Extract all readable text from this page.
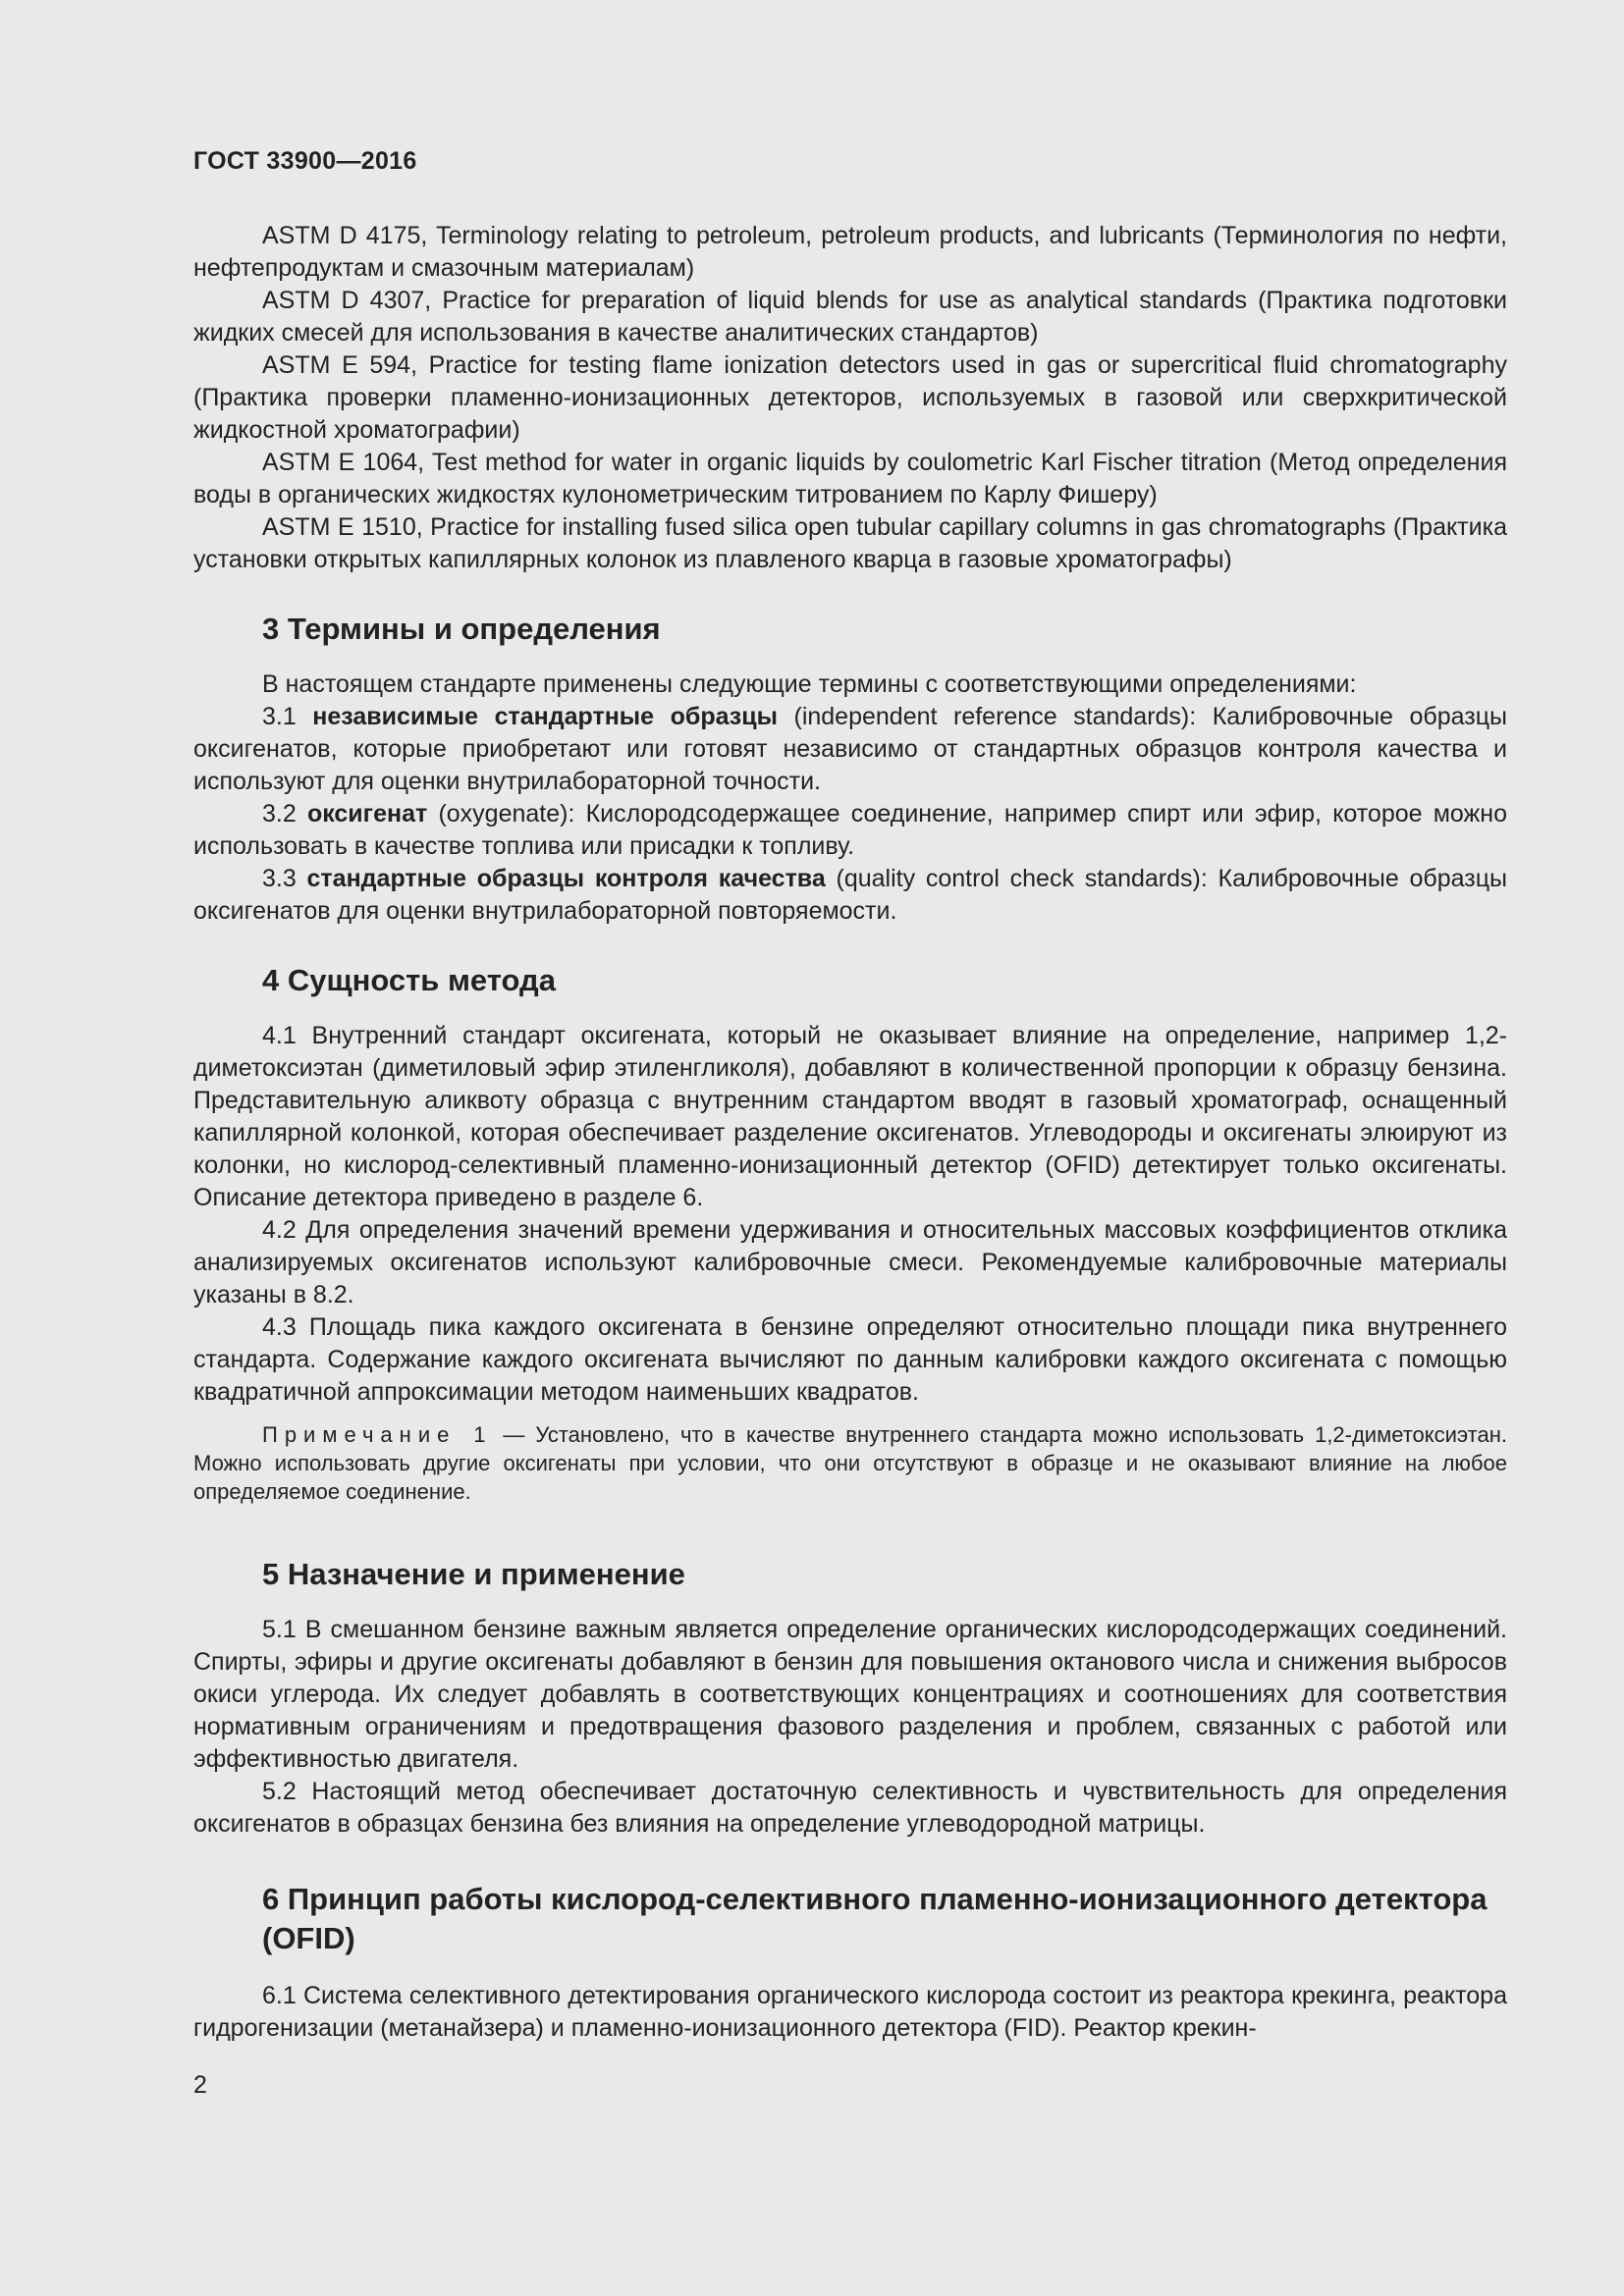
ГОСТ 33900—2016

ASTM D 4175, Terminology relating to petroleum, petroleum products, and lubricants (Терминология по нефти, нефтепродуктам и смазочным материалам)

ASTM D 4307, Practice for preparation of liquid blends for use as analytical standards (Практика подготовки жидких смесей для использования в качестве аналитических стандартов)

ASTM E 594, Practice for testing flame ionization detectors used in gas or supercritical fluid chromatography (Практика проверки пламенно-ионизационных детекторов, используемых в газовой или сверхкритической жидкостной хроматографии)

ASTM E 1064, Test method for water in organic liquids by coulometric Karl Fischer titration (Метод определения воды в органических жидкостях кулонометрическим титрованием по Карлу Фишеру)

ASTM E 1510, Practice for installing fused silica open tubular capillary columns in gas chromatographs (Практика установки открытых капиллярных колонок из плавленого кварца в газовые хроматографы)

3 Термины и определения

В настоящем стандарте применены следующие термины с соответствующими определениями:

3.1 независимые стандартные образцы (independent reference standards): Калибровочные образцы оксигенатов, которые приобретают или готовят независимо от стандартных образцов контроля качества и используют для оценки внутрилабораторной точности.

3.2 оксигенат (oxygenate): Кислородсодержащее соединение, например спирт или эфир, которое можно использовать в качестве топлива или присадки к топливу.

3.3 стандартные образцы контроля качества (quality control check standards): Калибровочные образцы оксигенатов для оценки внутрилабораторной повторяемости.

4 Сущность метода

4.1 Внутренний стандарт оксигената, который не оказывает влияние на определение, например 1,2-диметоксиэтан (диметиловый эфир этиленгликоля), добавляют в количественной пропорции к образцу бензина. Представительную аликвоту образца с внутренним стандартом вводят в газовый хроматограф, оснащенный капиллярной колонкой, которая обеспечивает разделение оксигенатов. Углеводороды и оксигенаты элюируют из колонки, но кислород-селективный пламенно-ионизационный детектор (OFID) детектирует только оксигенаты. Описание детектора приведено в разделе 6.

4.2 Для определения значений времени удерживания и относительных массовых коэффициентов отклика анализируемых оксигенатов используют калибровочные смеси. Рекомендуемые калибровочные материалы указаны в 8.2.

4.3 Площадь пика каждого оксигената в бензине определяют относительно площади пика внутреннего стандарта. Содержание каждого оксигената вычисляют по данным калибровки каждого оксигената с помощью квадратичной аппроксимации методом наименьших квадратов.

Примечание 1 — Установлено, что в качестве внутреннего стандарта можно использовать 1,2-диметоксиэтан. Можно использовать другие оксигенаты при условии, что они отсутствуют в образце и не оказывают влияние на любое определяемое соединение.

5 Назначение и применение

5.1 В смешанном бензине важным является определение органических кислородсодержащих соединений. Спирты, эфиры и другие оксигенаты добавляют в бензин для повышения октанового числа и снижения выбросов окиси углерода. Их следует добавлять в соответствующих концентрациях и соотношениях для соответствия нормативным ограничениям и предотвращения фазового разделения и проблем, связанных с работой или эффективностью двигателя.

5.2 Настоящий метод обеспечивает достаточную селективность и чувствительность для определения оксигенатов в образцах бензина без влияния на определение углеводородной матрицы.

6 Принцип работы кислород-селективного пламенно-ионизационного детектора (OFID)

6.1 Система селективного детектирования органического кислорода состоит из реактора крекинга, реактора гидрогенизации (метанайзера) и пламенно-ионизационного детектора (FID). Реактор крекин-

2
